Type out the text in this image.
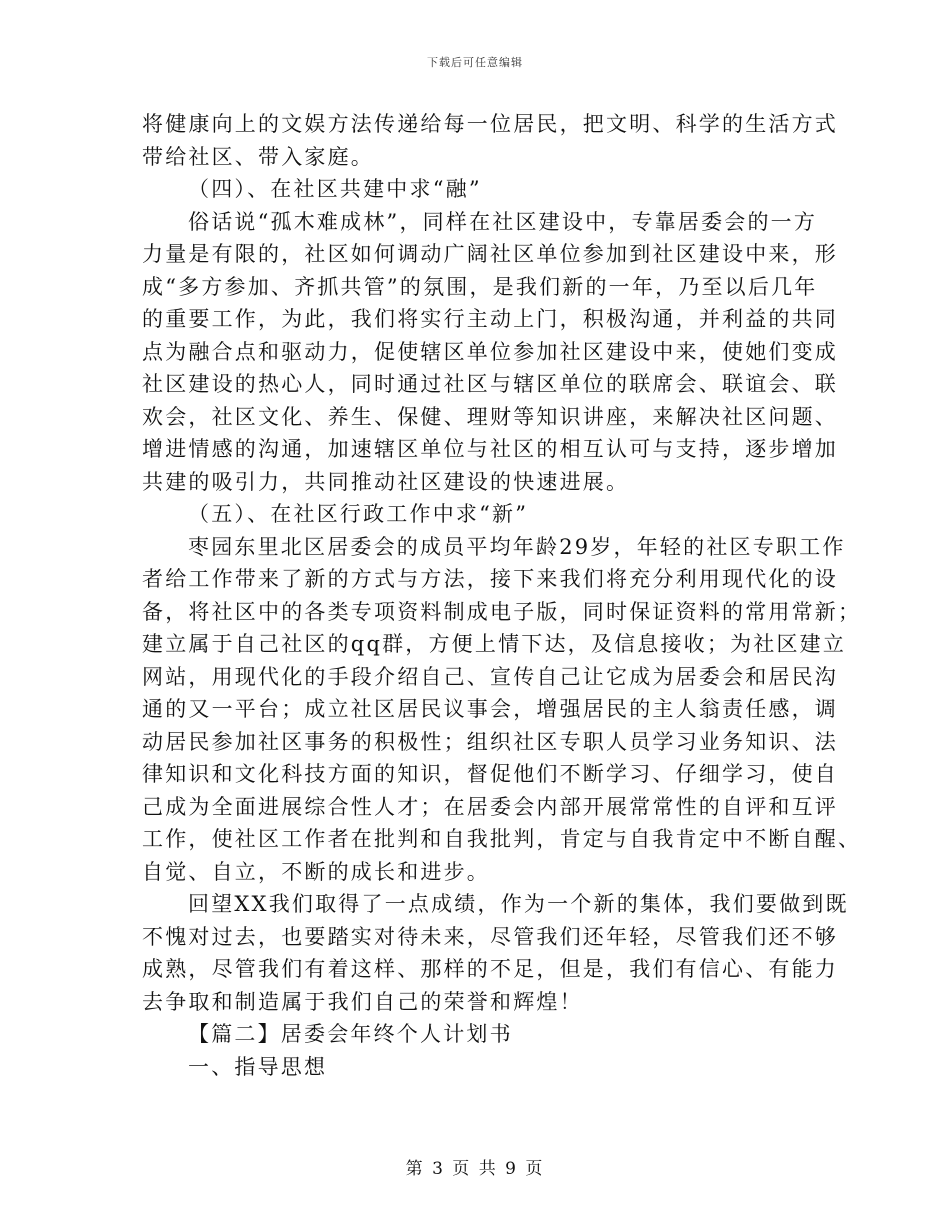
下载后可任意编辑
将健康向上的文娱方法传递给每一位居民，把文明、科学的生活方式
带给社区、带入家庭。
（四）、在社区共建中求“融”
俗话说“孤木难成林”，同样在社区建设中，专靠居委会的一方
力量是有限的，社区如何调动广阔社区单位参加到社区建设中来，形
成“多方参加、齐抓共管”的氛围，是我们新的一年，乃至以后几年
的重要工作，为此，我们将实行主动上门，积极沟通，并利益的共同
点为融合点和驱动力，促使辖区单位参加社区建设中来，使她们变成
社区建设的热心人，同时通过社区与辖区单位的联席会、联谊会、联
欢会，社区文化、养生、保健、理财等知识讲座，来解决社区问题、
增进情感的沟通，加速辖区单位与社区的相互认可与支持，逐步增加
共建的吸引力，共同推动社区建设的快速进展。
（五）、在社区行政工作中求“新”
枣园东里北区居委会的成员平均年龄29岁，年轻的社区专职工作
者给工作带来了新的方式与方法，接下来我们将充分利用现代化的设
备，将社区中的各类专项资料制成电子版，同时保证资料的常用常新；
建立属于自己社区的qq群，方便上情下达，及信息接收；为社区建立
网站，用现代化的手段介绍自己、宣传自己让它成为居委会和居民沟
通的又一平台；成立社区居民议事会，增强居民的主人翁责任感，调
动居民参加社区事务的积极性；组织社区专职人员学习业务知识、法
律知识和文化科技方面的知识，督促他们不断学习、仔细学习，使自
己成为全面进展综合性人才；在居委会内部开展常常性的自评和互评
工作，使社区工作者在批判和自我批判，肯定与自我肯定中不断自醒、
自觉、自立，不断的成长和进步。
回望XX我们取得了一点成绩，作为一个新的集体，我们要做到既
不愧对过去，也要踏实对待未来，尽管我们还年轻，尽管我们还不够
成熟，尽管我们有着这样、那样的不足，但是，我们有信心、有能力
去争取和制造属于我们自己的荣誉和辉煌！
【篇二】居委会年终个人计划书
一、指导思想
第 3 页 共 9 页
